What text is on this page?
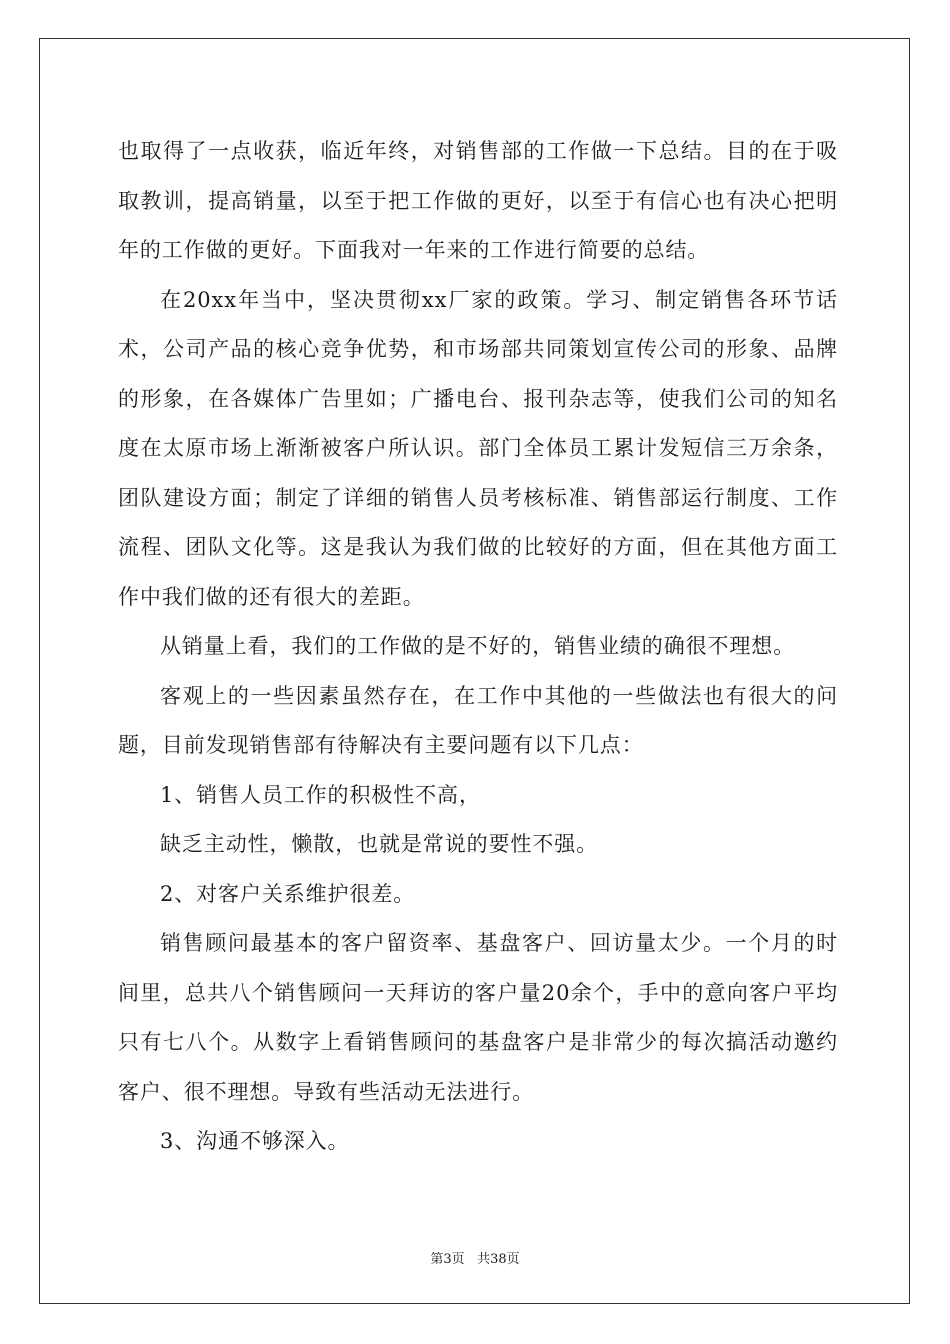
也取得了一点收获，临近年终，对销售部的工作做一下总结。目的在于吸取教训，提高销量，以至于把工作做的更好，以至于有信心也有决心把明年的工作做的更好。下面我对一年来的工作进行简要的总结。

在20xx年当中，坚决贯彻xx厂家的政策。学习、制定销售各环节话术，公司产品的核心竞争优势，和市场部共同策划宣传公司的形象、品牌的形象，在各媒体广告里如；广播电台、报刊杂志等，使我们公司的知名度在太原市场上渐渐被客户所认识。部门全体员工累计发短信三万余条，团队建设方面；制定了详细的销售人员考核标准、销售部运行制度、工作流程、团队文化等。这是我认为我们做的比较好的方面，但在其他方面工作中我们做的还有很大的差距。

从销量上看，我们的工作做的是不好的，销售业绩的确很不理想。

客观上的一些因素虽然存在，在工作中其他的一些做法也有很大的问题，目前发现销售部有待解决有主要问题有以下几点：

1、销售人员工作的积极性不高，

缺乏主动性，懒散，也就是常说的要性不强。

2、对客户关系维护很差。

销售顾问最基本的客户留资率、基盘客户、回访量太少。一个月的时间里，总共八个销售顾问一天拜访的客户量20余个，手中的意向客户平均只有七八个。从数字上看销售顾问的基盘客户是非常少的每次搞活动邀约客户、很不理想。导致有些活动无法进行。

3、沟通不够深入。

第3页 共38页
